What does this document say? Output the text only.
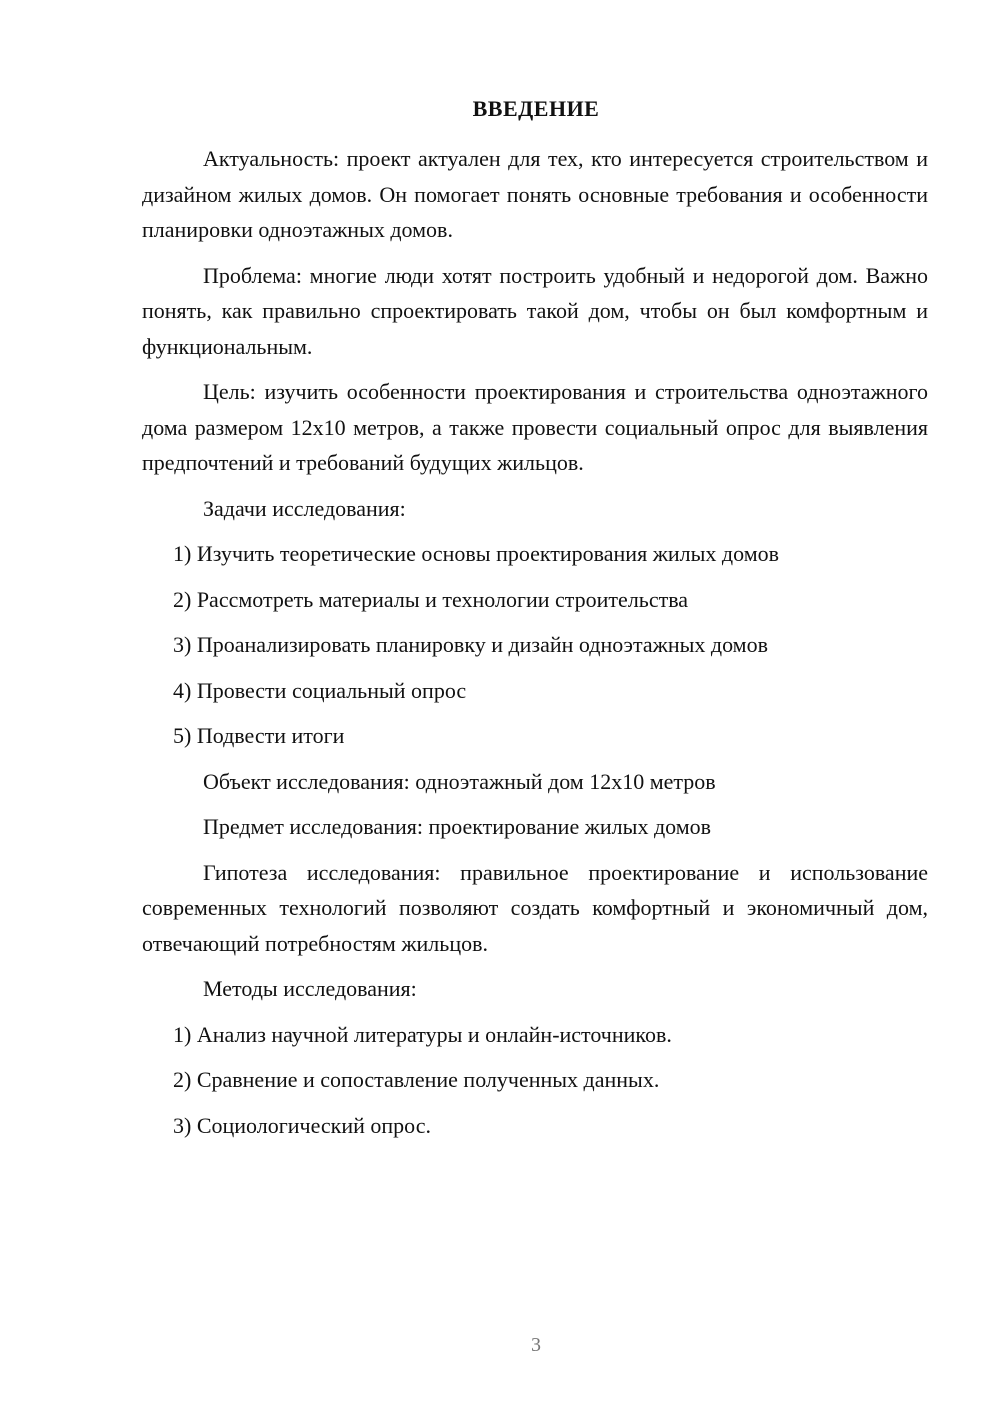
ВВЕДЕНИЕ

Актуальность: проект актуален для тех, кто интересуется строительством и дизайном жилых домов. Он помогает понять основные требования и особенности планировки одноэтажных домов.

Проблема: многие люди хотят построить удобный и недорогой дом. Важно понять, как правильно спроектировать такой дом, чтобы он был комфортным и функциональным.

Цель: изучить особенности проектирования и строительства одноэтажного дома размером 12х10 метров, а также провести социальный опрос для выявления предпочтений и требований будущих жильцов.

Задачи исследования:

1) Изучить теоретические основы проектирования жилых домов

2) Рассмотреть материалы и технологии строительства

3) Проанализировать планировку и дизайн одноэтажных домов

4) Провести социальный опрос

5) Подвести итоги

Объект исследования: одноэтажный дом 12х10 метров

Предмет исследования: проектирование жилых домов

Гипотеза исследования: правильное проектирование и использование современных технологий позволяют создать комфортный и экономичный дом, отвечающий потребностям жильцов.

Методы исследования:

1) Анализ научной литературы и онлайн-источников.

2) Сравнение и сопоставление полученных данных.

3) Социологический опрос.

3
